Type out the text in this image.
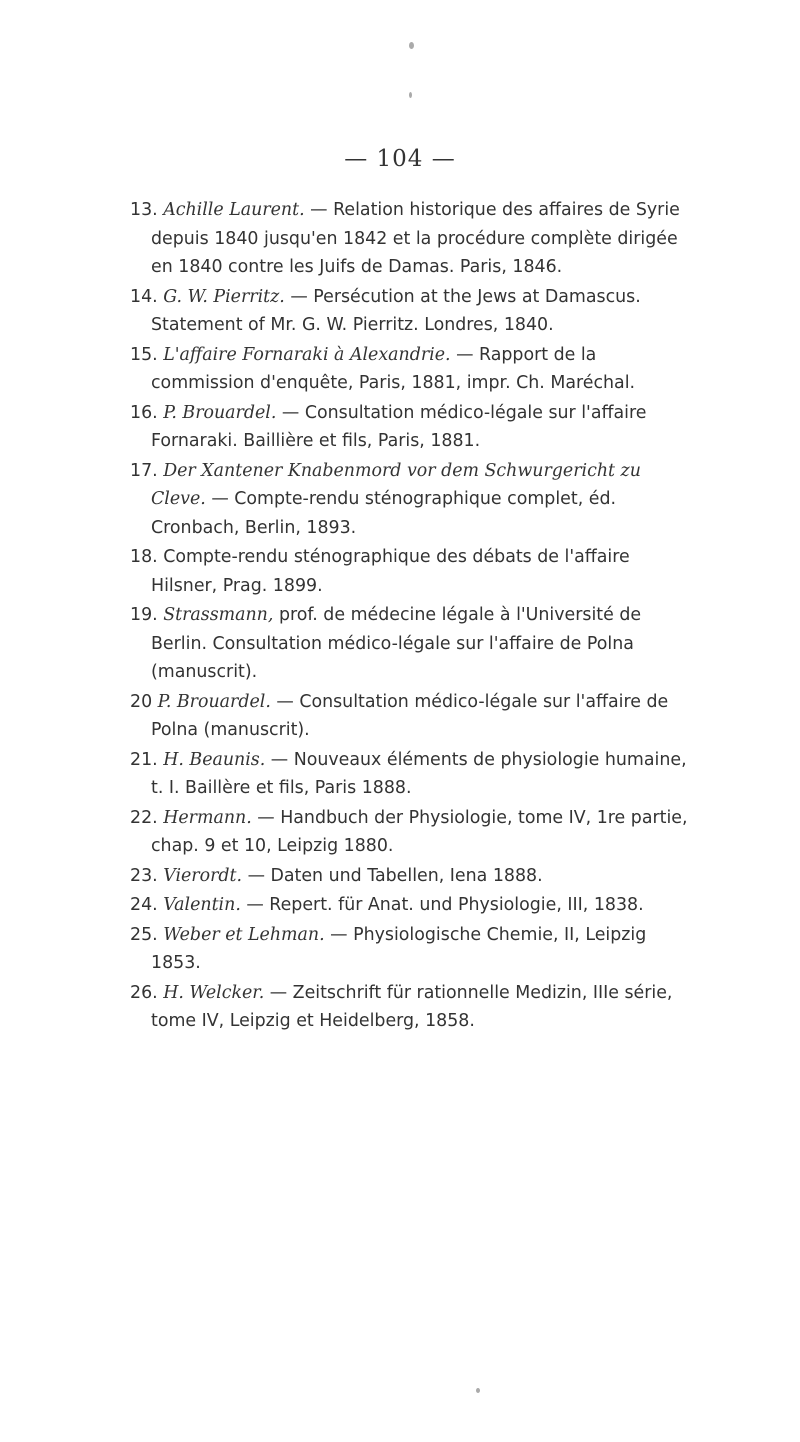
— 104 —
13. Achille Laurent. — Relation historique des affaires de Syrie depuis 1840 jusqu'en 1842 et la procédure complète dirigée en 1840 contre les Juifs de Damas. Paris, 1846.
14. G. W. Pierritz. — Persécution at the Jews at Damascus. Statement of Mr. G. W. Pierritz. Londres, 1840.
15. L'affaire Fornaraki à Alexandrie. — Rapport de la commission d'enquête, Paris, 1881, impr. Ch. Maréchal.
16. P. Brouardel. — Consultation médico-légale sur l'affaire Fornaraki. Baillière et fils, Paris, 1881.
17. Der Xantener Knabenmord vor dem Schwurgericht zu Cleve. — Compte-rendu sténographique complet, éd. Cronbach, Berlin, 1893.
18. Compte-rendu sténographique des débats de l'affaire Hilsner, Prag. 1899.
19. Strassmann, prof. de médecine légale à l'Université de Berlin. Consultation médico-légale sur l'affaire de Polna (manuscrit).
20 P. Brouardel. — Consultation médico-légale sur l'affaire de Polna (manuscrit).
21. H. Beaunis. — Nouveaux éléments de physiologie humaine, t. I. Baillère et fils, Paris 1888.
22. Hermann. — Handbuch der Physiologie, tome IV, 1re partie, chap. 9 et 10, Leipzig 1880.
23. Vierordt. — Daten und Tabellen, Iena 1888.
24. Valentin. — Repert. für Anat. und Physiologie, III, 1838.
25. Weber et Lehman. — Physiologische Chemie, II, Leipzig 1853.
26. H. Welcker. — Zeitschrift für rationnelle Medizin, IIIe série, tome IV, Leipzig et Heidelberg, 1858.
